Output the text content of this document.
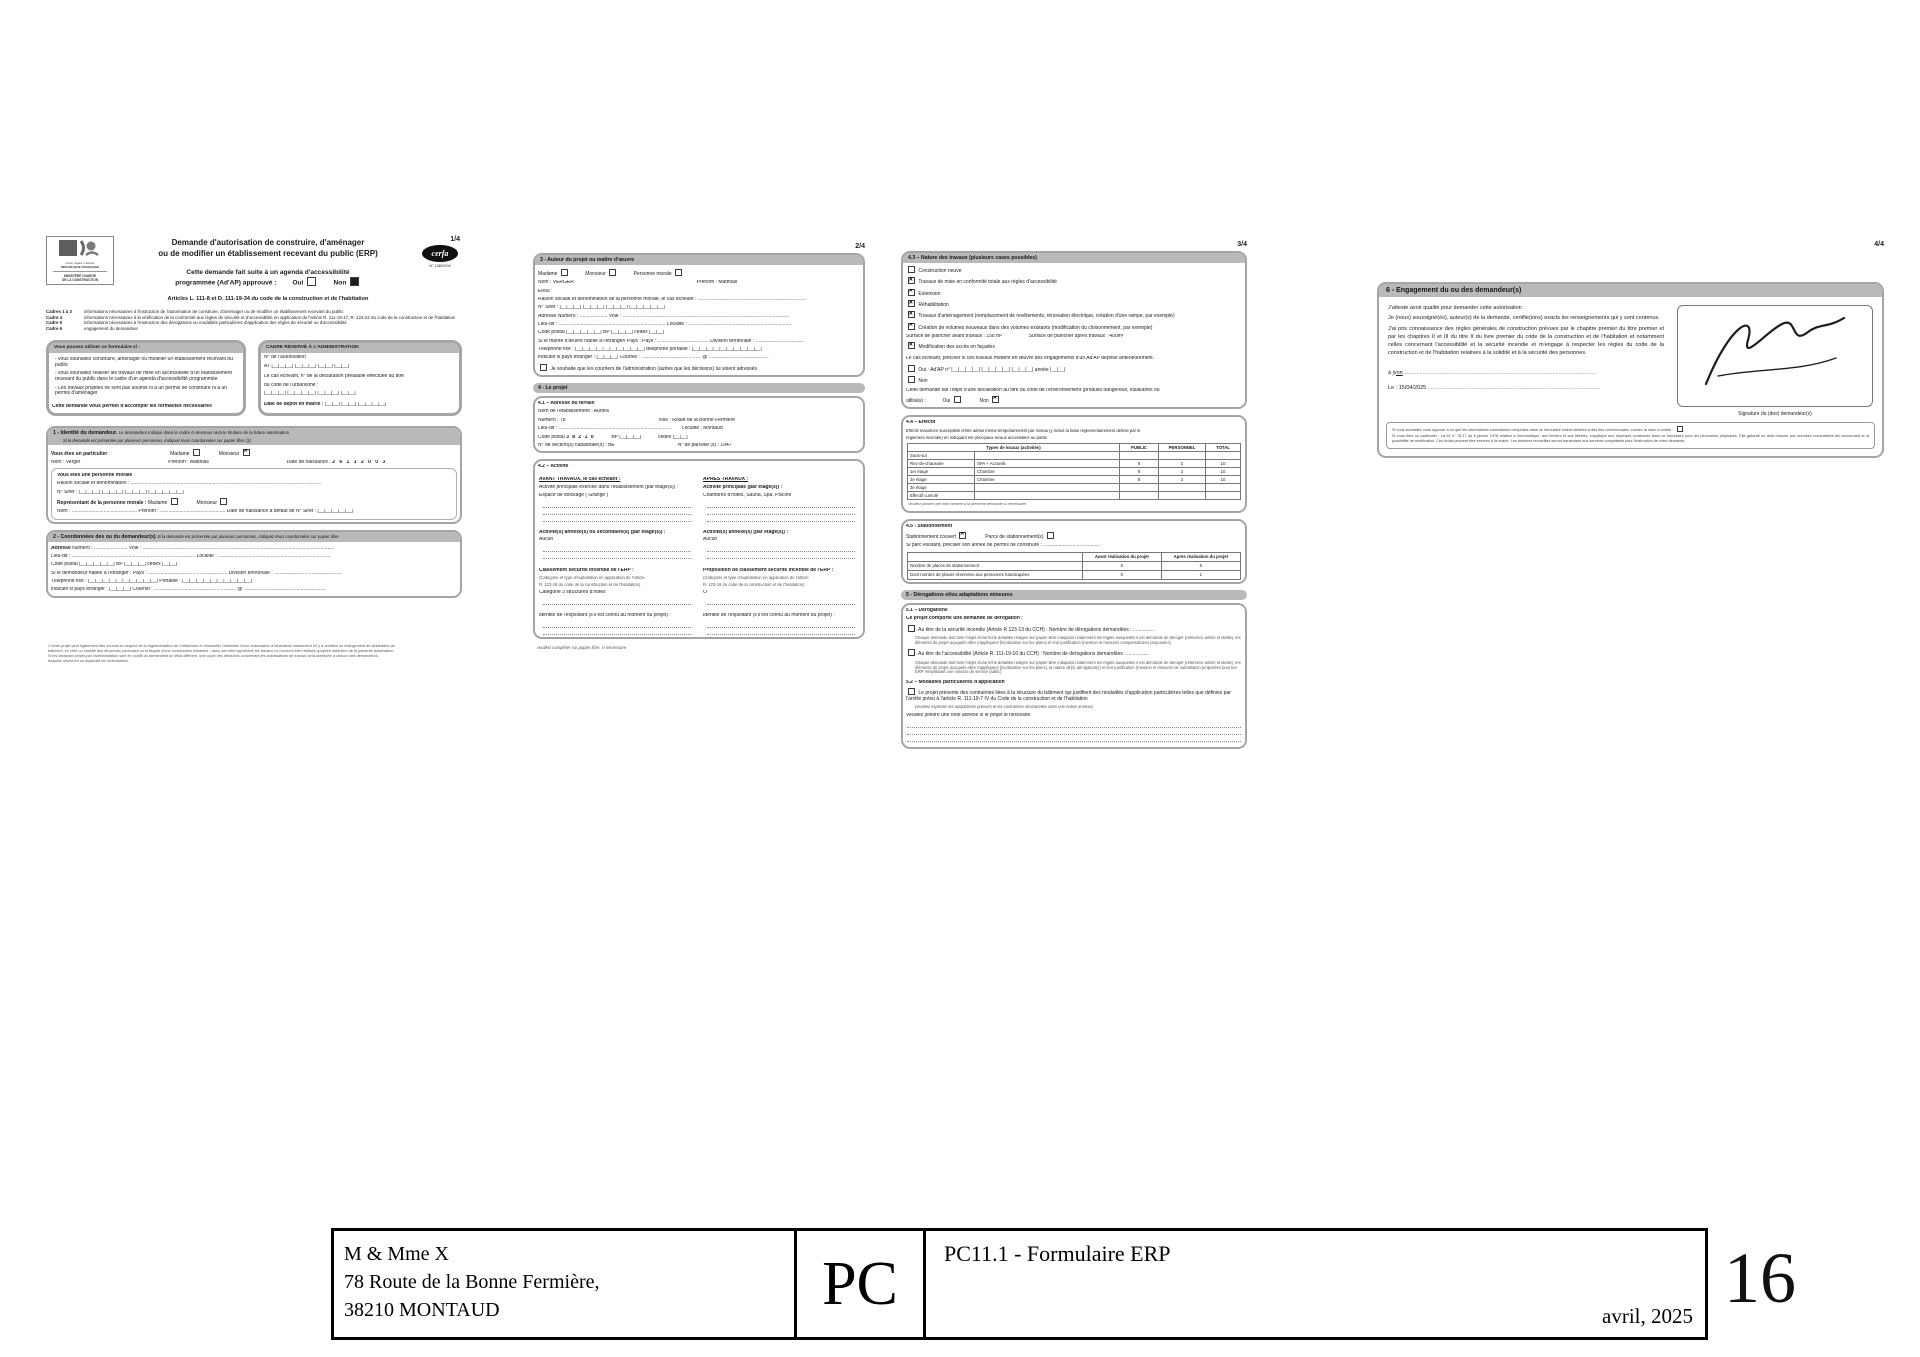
Liberté • Égalité • Fraternité
RÉPUBLIQUE FRANÇAISE
MINISTÈRE CHARGÉ
DE LA CONSTRUCTION
Demande d'autorisation de construire, d'aménager
ou de modifier un établissement recevant du public (ERP)
Cette demande fait suite à un agenda d'accessibilité
programmée (Ad'AP) approuvé : Oui	Non
Articles L. 111-8 et D. 111-19-34 du code de la construction et de l'habitation
1/4
cerfa
N° 13824*04
Cadres 1 à 3	informations nécessaires à l'instruction de l'autorisation de construire, d'aménager ou de modifier un établissement recevant du public
Cadre 4	informations nécessaires à la vérification de la conformité aux règles de sécurité et d'accessibilité en application de l'article R. 111-19-17, R. 123-22 du code de la construction et de l'habitation
Cadre 5	informations nécessaires à l'instruction des dérogations ou modalités particulières d'application des règles de sécurité ou d'accessibilité
Cadre 6	engagement du demandeur
Vous pouvez utiliser ce formulaire si :
- vous souhaitez construire, aménager ou modifier un établissement recevant du public
- vous souhaitez réaliser les travaux de mise en accessibilité d'un établissement recevant du public dans le cadre d'un agenda d'accessibilité programmée
- Les travaux projetés ne sont pas soumis ni à un permis de construire ni à un permis d'aménager
Cette demande vous permet d'accomplir les formalités nécessaires
CADRE RÉSERVÉ À L'ADMINISTRATION
N° de l'autorisation
AT |__|__|__| |__|__|__| |__|__| |__|__|
Le cas échéant, n° de la déclaration préalable effectuée au titre
du code de l'urbanisme :
|__|__|__| |__|__|__|__| |__|__|__| |__|__|
Date de dépôt en mairie : |__|__| |__|__| |__|__|__|__|
1 - Identité du demandeur. Le demandeur indiqué dans le cadre ci-dessous sera le titulaire de la future autorisation
Si la demande est présentée par plusieurs personnes, indiquez leurs coordonnées sur papier libre (1)
Vous êtes un particulier	Madame	Monsieur ✕
Nom : Verger	Prénom : Matthias	Date de naissance : 2 6 1 1 2 0 0 3
Vous êtes une personne morale
Raison sociale et dénomination : .........................................................................................................................................
N° Siret : |__|__|__| |__|__|__| |__|__|__| |__|__|__|__|__|
Représentant de la personne morale : Madame	Monsieur
Nom : ............................................... Prénom : ............................................... Date de naissance à défaut de N° Siret : |__|__|__|__|__|
2 - Coordonnées des ou du demandeur(s) Si la demande est présentée par plusieurs personnes, indiquez leurs coordonnées sur papier libre
Adresse Numéro : ........................ Voie : ..........................................................................................................................................
Lieu-dit : ......................................................................................... Localité : .................................................................................
Code postal |__|__|__|__|__| BP |__|__|__| cedex |__|__|
Si le demandeur habite à l'étranger : Pays : ......................................................... Division territoriale : .................................................
Téléphone fixe : |__|__|__|__|__|__|__|__|__|__| Portable : |__|__|__|__|__|__|__|__|__|__|
indicatif si pays étranger : |__|__|__| Courriel : ........................................................... @ ...........................................................
1 Votre projet peut également être soumis au respect de la réglementation de l'urbanisme et nécessiter l'obtention d'une autorisation d'urbanisme notamment s'il y a création ou changement de destination du
bâtiment, s'il crée ou modifie des structures porteuses ou la façade d'une construction existante ; dans une telle hypothèse les travaux ne pourront être réalisés qu'après obtention de la présente autorisation.
Si les décisions prises par l'administration sont en conflit ou demandent un délai différent, une copie des décisions concernant les autorisations de travaux sera adressée à chacun des demandeurs,
lesquels recevront un duplicata de l'autorisation.
2/4
3 - Auteur du projet ou maître d'œuvre
Madame	Monsieur	Personne morale
Nom : VERGER	Prénom : Matthias
Et/ou :
Raison sociale et dénomination de la personne morale, le cas échéant : ..............................................................................
N° Siret : |__|__|__| |__|__|__| |__|__|__| |__|__|__|__|__|
Adresse Numéro : .................... Voie : ........................................................................................................................
Lieu-dit : ............................................................................. Localité : ..........................................................................
Code postal |__|__|__|__|__| BP |__|__|__| cedex |__|__|
Si le maître d'œuvre habite à l'étranger/ Pays : Pays : ..................................... Division territoriale : ...................................
Téléphone fixe : |__|__|__|__|__|__|__|__|__|__| téléphone portable : |__|__|__|__|__|__|__|__|__|__|
Indicatif si pays étranger : |__|__|__| Courriel : ........................................... @ ...........................................
Je souhaite que les courriers de l'administration (autres que les décisions) lui soient adressés
4 - Le projet
4.1 – Adresse du terrain
Nom de l'établissement : Aurora
Numéro : 78	Voie : Route de la Bonne Fermière
Lieu-dit : ................................................................................. Localité : Montaud
Code postal 3 8 2 1 0	BP |__|__|__|	cedex |__|__|
N° de section(s) cadastrale(s) : BE	N° de parcelle (s) : 1947
4.2 – Activité
AVANT TRAVAUX, le cas échéant :
Activité principale exercée dans l'établissement (par étage(s)) :
Espace de stockage ( Grange )
Activité(s) annexe(s) ou secondaire(s) (par étage(s)) :
Aucun
Classement sécurité incendie de l'ERP :
(Catégorie et type d'exploitation en application de l'article
R. 123-19 du code de la construction et de l'habitation)
Catégorie 3 structures d'hôtes
Identité de l'exploitant (s'il est connu au moment du projet) :
APRÈS TRAVAUX :
Activité principale (par étage(s)) :
Chambres d'hôtes, Sauna, Spa, Piscine
Activité(s) annexe(s) (par étage(s)) :
Aucun
Proposition de classement sécurité incendie de l'ERP :
(Catégorie et type d'exploitation en application de l'article
R. 123-19 du code de la construction et de l'habitation)
O
Identité de l'exploitant (s'il est connu au moment du projet) :
veuillez compléter sur papier libre, si nécessaire
3/4
4.3 – Nature des travaux (plusieurs cases possibles)
Construction neuve
✕ Travaux de mise en conformité totale aux règles d'accessibilité
✕ Extension
✕ Réhabilitation
✕ Travaux d'aménagement (remplacement de revêtements, rénovation électrique, création d'une rampe, par exemple)
✕ Création de volumes nouveaux dans des volumes existants (modification du cloisonnement, par exemple)
Surface de plancher avant travaux : 158 m²	Surface de plancher après travaux : 400m²
✕ Modification des accès en façades
Le cas échéant, préciser si ces travaux mettent en œuvre des engagements d'un Ad'AP déposé antérieurement.
Oui : Ad'AP n° |__|__|__|__| |__|__|__|__| |__|__|__| année |__|__|
Non
Cette demande fait l'objet d'une déclaration au titre du code de l'environnement (produits dangereux, insalubres ou
utilisés) :	Oui	Non ✕
4.4 – Effectif
Effectif maximum susceptible d'être admis même temporairement par niveau (y inclus la base réglementairement définie par le
règlement incendie) en indiquant les principaux locaux accessibles au public
Types de locaux (activités)		PUBLIC	PERSONNEL	TOTAL
Sous-sol				
Rez-de-chaussée	SPA + Accueils	8	2	10
1er étage	Chambre	8	2	10
2e étage	Chambre	8	2	10
3e étage				
Effectif cumulé				
Veuillez joindre une note annexe à la présente demande si nécessaire
4.5 - Stationnement
Stationnement couvert ✕	Parcs de stationnement(s)
Si parc existant, préciser son année de permis de construire : .........................................
	Avant réalisation du projet	Après réalisation du projet
Nombre de places de stationnement	0	6
Dont nombre de places réservées aux personnes handicapées	0	1
5 - Dérogations et/ou adaptations mineures
5.1 – Dérogations
Ce projet comporte une demande de dérogation :
Au titre de la sécurité incendie (Article R 123-13 du CCH) : Nombre de dérogations demandées : ................
Chaque demande doit faire l'objet d'une fiche détaillée rédigée sur papier libre indiquant notamment les règles auxquelles il est demandé de déroger (référence article et libellé), les éléments du projet auxquels elles s'appliquent (localisation sur les plans) et leur justification (mention et mesures compensatoires proposées)
Au titre de l'accessibilité (Article R. 111-19-10 du CCH) : Nombre de dérogations demandées : ................
Chaque demande doit faire l'objet d'une fiche détaillée rédigée sur papier libre indiquant notamment les règles auxquelles il est demandé de déroger (référence article et libellé), les éléments du projet auxquels elles s'appliquent (localisation sur les plans), la nature de(s) dérogation(s) et leur justification (mention et mesures de substitution proposées pour les ERP remplissant une mission de service public)
5.2 – Modalités particulières d'application
Le projet présente des contraintes liées à la structure du bâtiment qui justifient des modalités d'application particulières telles que définies par l'arrêté prévu à l'article R. 111-19-7 IV du Code de la construction et de l'habitation
(veuillez expliciter les adaptations prévues et les contraintes structurelles dans une notice annexe)
Veuillez joindre une note annexe si le projet le nécessite
4/4
6 - Engagement du ou des demandeur(s)

J'atteste avoir qualité pour demander cette autorisation :

Je (nous) soussigné(és), auteur(s) de la demande, certifie(ions) exacts les renseignements qui y sont contenus.

J'ai pris connaissance des règles générales de construction prévues par le chapitre premier du titre premier et par les chapitres II et III du titre II du livre premier du code de la construction et de l'habitation et notamment celles concernant l'accessibilité et la sécurité incendie et m'engage à respecter les règles du code de la construction et de l'habitation relatives à la solidité et à la sécurité des personnes.

à lyon ..............................................................................................................................
Le : 15/04/2025 .................................................................................................................
Signature du (des) demandeur(s)
Si vous souhaitez vous opposer à ce que les informations nominatives comprises dans ce formulaire soient utilisées à des fins commerciales, cochez la case ci-contre :
Si vous êtes un particulier : La loi n° 78-17 du 6 janvier 1978 relative à l'informatique, aux fichiers et aux libertés, s'applique aux réponses contenues dans ce formulaire pour les personnes physiques. Elle garantit un droit d'accès aux données nominatives les concernant et la possibilité de rectification. Ces droits peuvent être exercés à la mairie. Les données recueillies seront transmises aux services compétents pour l'instruction de votre demande.
M & Mme X
78 Route de la Bonne Fermière,
38210 MONTAUD	PC	PC11.1 - Formulaire ERP
avril, 2025 16
